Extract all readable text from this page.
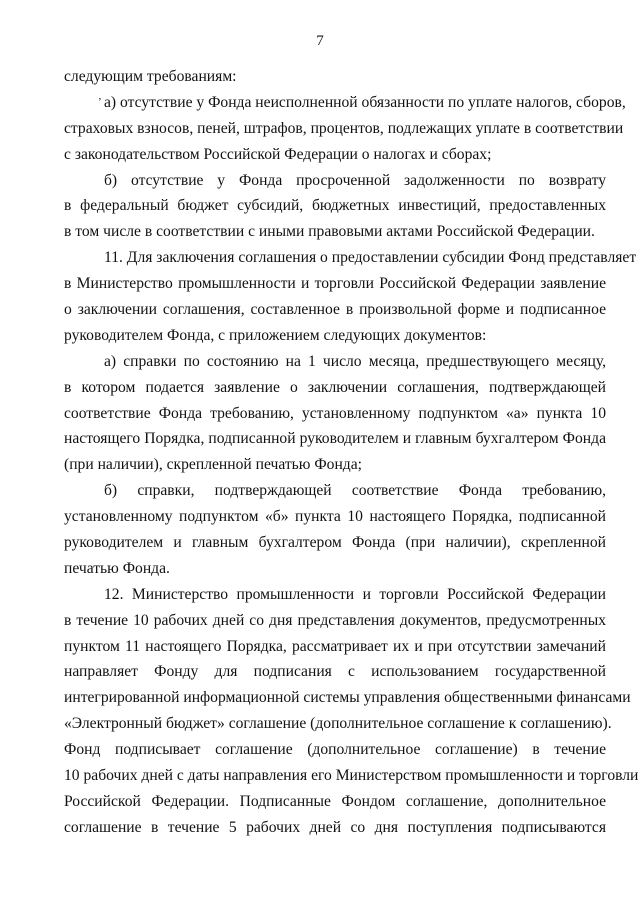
7
следующим требованиям:
ʼ а) отсутствие у Фонда неисполненной обязанности по уплате налогов, сборов,
страховых взносов, пеней, штрафов, процентов, подлежащих уплате в соответствии
с законодательством Российской Федерации о налогах и сборах;
б) отсутствие у Фонда просроченной задолженности по возврату
в федеральный бюджет субсидий, бюджетных инвестиций, предоставленных
в том числе в соответствии с иными правовыми актами Российской Федерации.
11. Для заключения соглашения о предоставлении субсидии Фонд представляет
в Министерство промышленности и торговли Российской Федерации заявление
о заключении соглашения, составленное в произвольной форме и подписанное
руководителем Фонда, с приложением следующих документов:
а) справки по состоянию на 1 число месяца, предшествующего месяцу,
в котором подается заявление о заключении соглашения, подтверждающей
соответствие Фонда требованию, установленному подпунктом «а» пункта 10
настоящего Порядка, подписанной руководителем и главным бухгалтером Фонда
(при наличии), скрепленной печатью Фонда;
б) справки, подтверждающей соответствие Фонда требованию,
установленному подпунктом «б» пункта 10 настоящего Порядка, подписанной
руководителем и главным бухгалтером Фонда (при наличии), скрепленной
печатью Фонда.
12. Министерство промышленности и торговли Российской Федерации
в течение 10 рабочих дней со дня представления документов, предусмотренных
пунктом 11 настоящего Порядка, рассматривает их и при отсутствии замечаний
направляет Фонду для подписания с использованием государственной
интегрированной информационной системы управления общественными финансами
«Электронный бюджет» соглашение (дополнительное соглашение к соглашению).
Фонд подписывает соглашение (дополнительное соглашение) в течение
10 рабочих дней с даты направления его Министерством промышленности и торговли
Российской Федерации. Подписанные Фондом соглашение, дополнительное
соглашение в течение 5 рабочих дней со дня поступления подписываются
